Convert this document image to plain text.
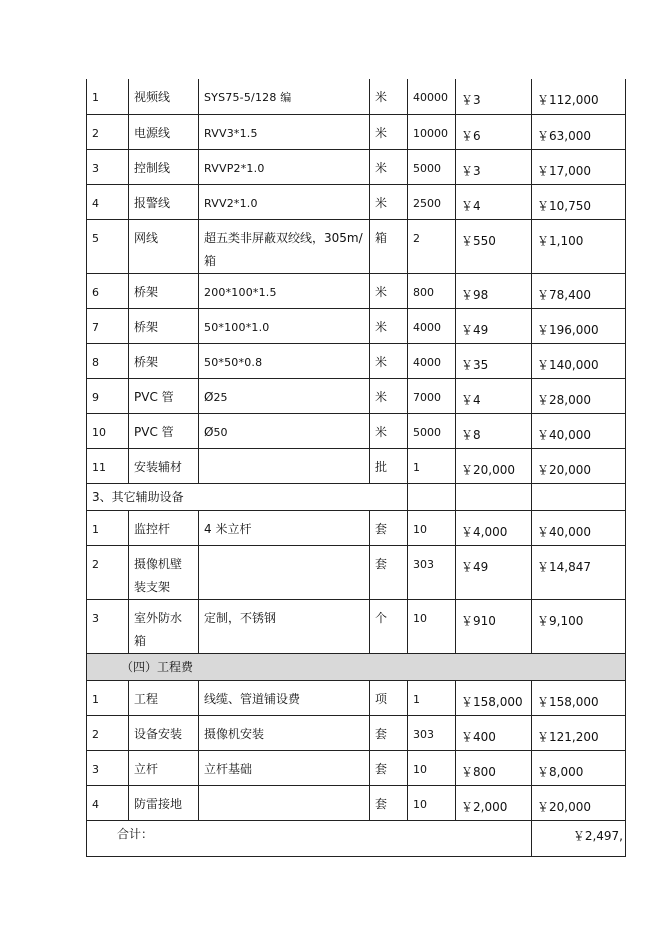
1	视频线	SYS75-5/128 编	米	40000	￥3	￥112,000
2	电源线	RVV3*1.5	米	10000	￥6	￥63,000
3	控制线	RVVP2*1.0	米	5000	￥3	￥17,000
4	报警线	RVV2*1.0	米	2500	￥4	￥10,750
5	网线	超五类非屏蔽双绞线，305m/箱	箱	2	￥550	￥1,100
6	桥架	200*100*1.5	米	800	￥98	￥78,400
7	桥架	50*100*1.0	米	4000	￥49	￥196,000
8	桥架	50*50*0.8	米	4000	￥35	￥140,000
9	PVC 管	Ø25	米	7000	￥4	￥28,000
10	PVC 管	Ø50	米	5000	￥8	￥40,000
11	安装辅材		批	1	￥20,000	￥20,000
3、其它辅助设备						
1	监控杆	4 米立杆	套	10	￥4,000	￥40,000
2	摄像机壁装支架		套	303	￥49	￥14,847
3	室外防水箱	定制，不锈钢	个	10	￥910	￥9,100
（四）工程费						
1	工程	线缆、管道铺设费	项	1	￥158,000	￥158,000
2	设备安装	摄像机安装	套	303	￥400	￥121,200
3	立杆	立杆基础	套	10	￥800	￥8,000
4	防雷接地		套	10	￥2,000	￥20,000
合计：						￥2,497,
